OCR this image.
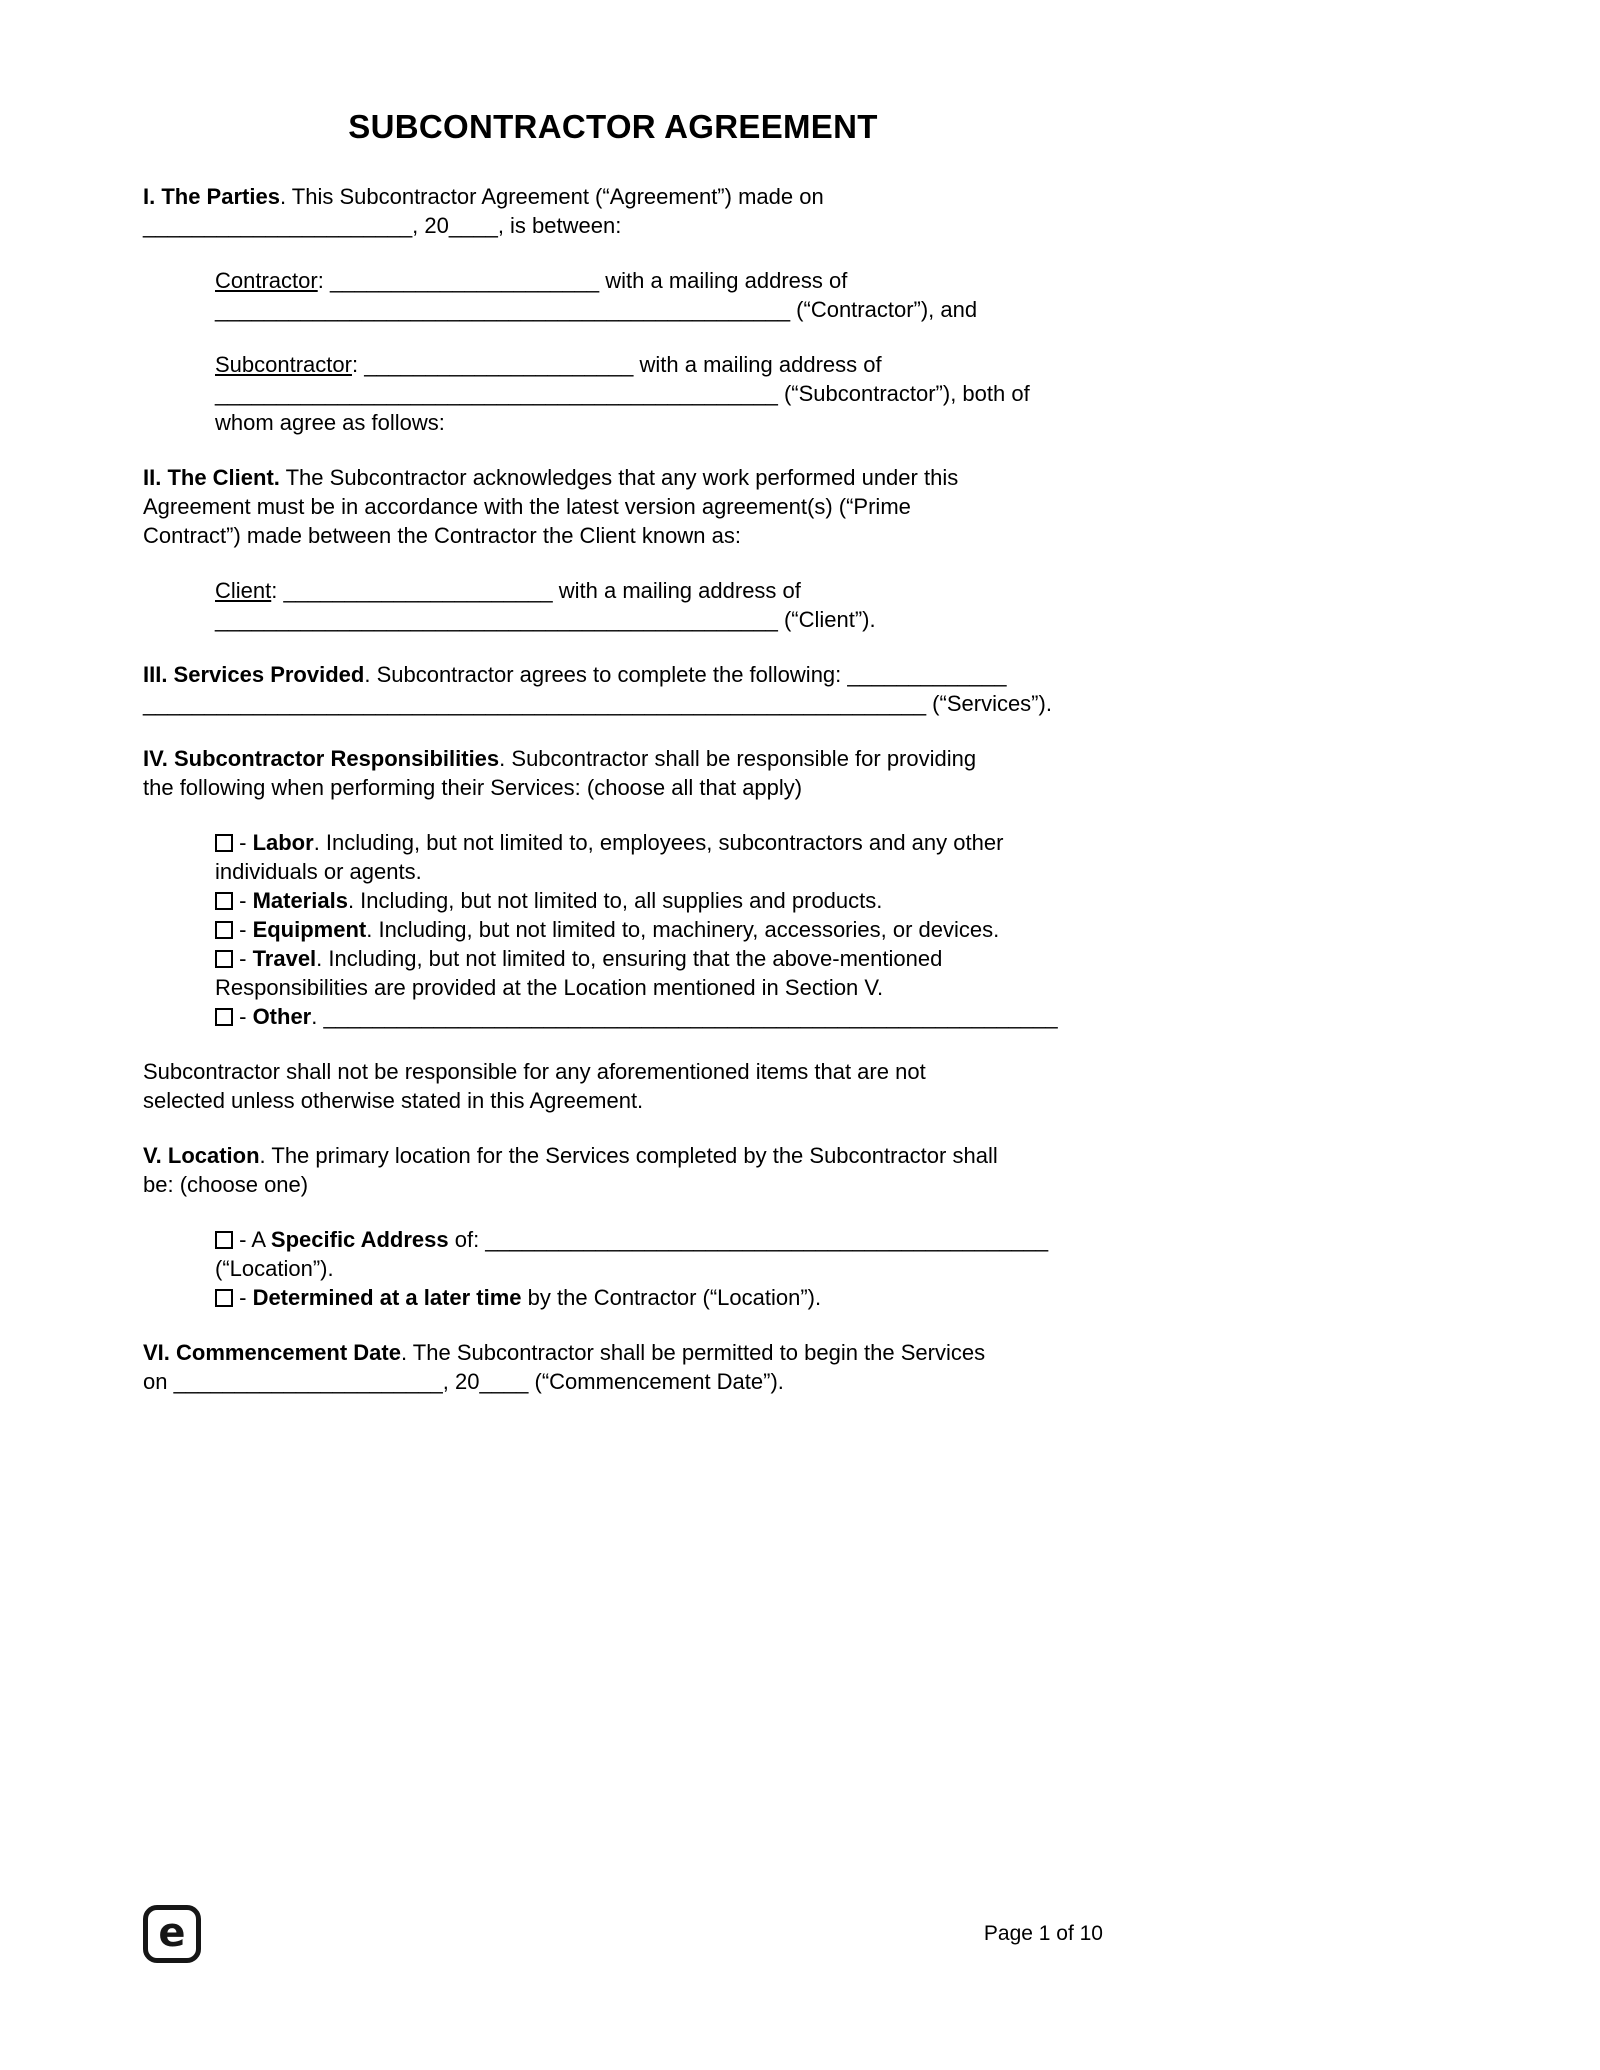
SUBCONTRACTOR AGREEMENT
I. The Parties. This Subcontractor Agreement (“Agreement”) made on
______________________, 20____, is between:
Contractor: ______________________ with a mailing address of
_______________________________________________ (“Contractor”), and
Subcontractor: ______________________ with a mailing address of
______________________________________________ (“Subcontractor”), both of
whom agree as follows:
II. The Client. The Subcontractor acknowledges that any work performed under this
Agreement must be in accordance with the latest version agreement(s) (“Prime
Contract”) made between the Contractor the Client known as:
Client: ______________________ with a mailing address of
______________________________________________ (“Client”).
III. Services Provided. Subcontractor agrees to complete the following: _____________
________________________________________________________________ (“Services”).
IV. Subcontractor Responsibilities. Subcontractor shall be responsible for providing
the following when performing their Services: (choose all that apply)
- Labor. Including, but not limited to, employees, subcontractors and any other
individuals or agents.
- Materials. Including, but not limited to, all supplies and products.
- Equipment. Including, but not limited to, machinery, accessories, or devices.
- Travel. Including, but not limited to, ensuring that the above-mentioned
Responsibilities are provided at the Location mentioned in Section V.
- Other. ____________________________________________________________
Subcontractor shall not be responsible for any aforementioned items that are not
selected unless otherwise stated in this Agreement.
V. Location. The primary location for the Services completed by the Subcontractor shall
be: (choose one)
- A Specific Address of: ______________________________________________
(“Location”).
- Determined at a later time by the Contractor (“Location”).
VI. Commencement Date. The Subcontractor shall be permitted to begin the Services
on ______________________, 20____ (“Commencement Date”).
e	Page 1 of 10
